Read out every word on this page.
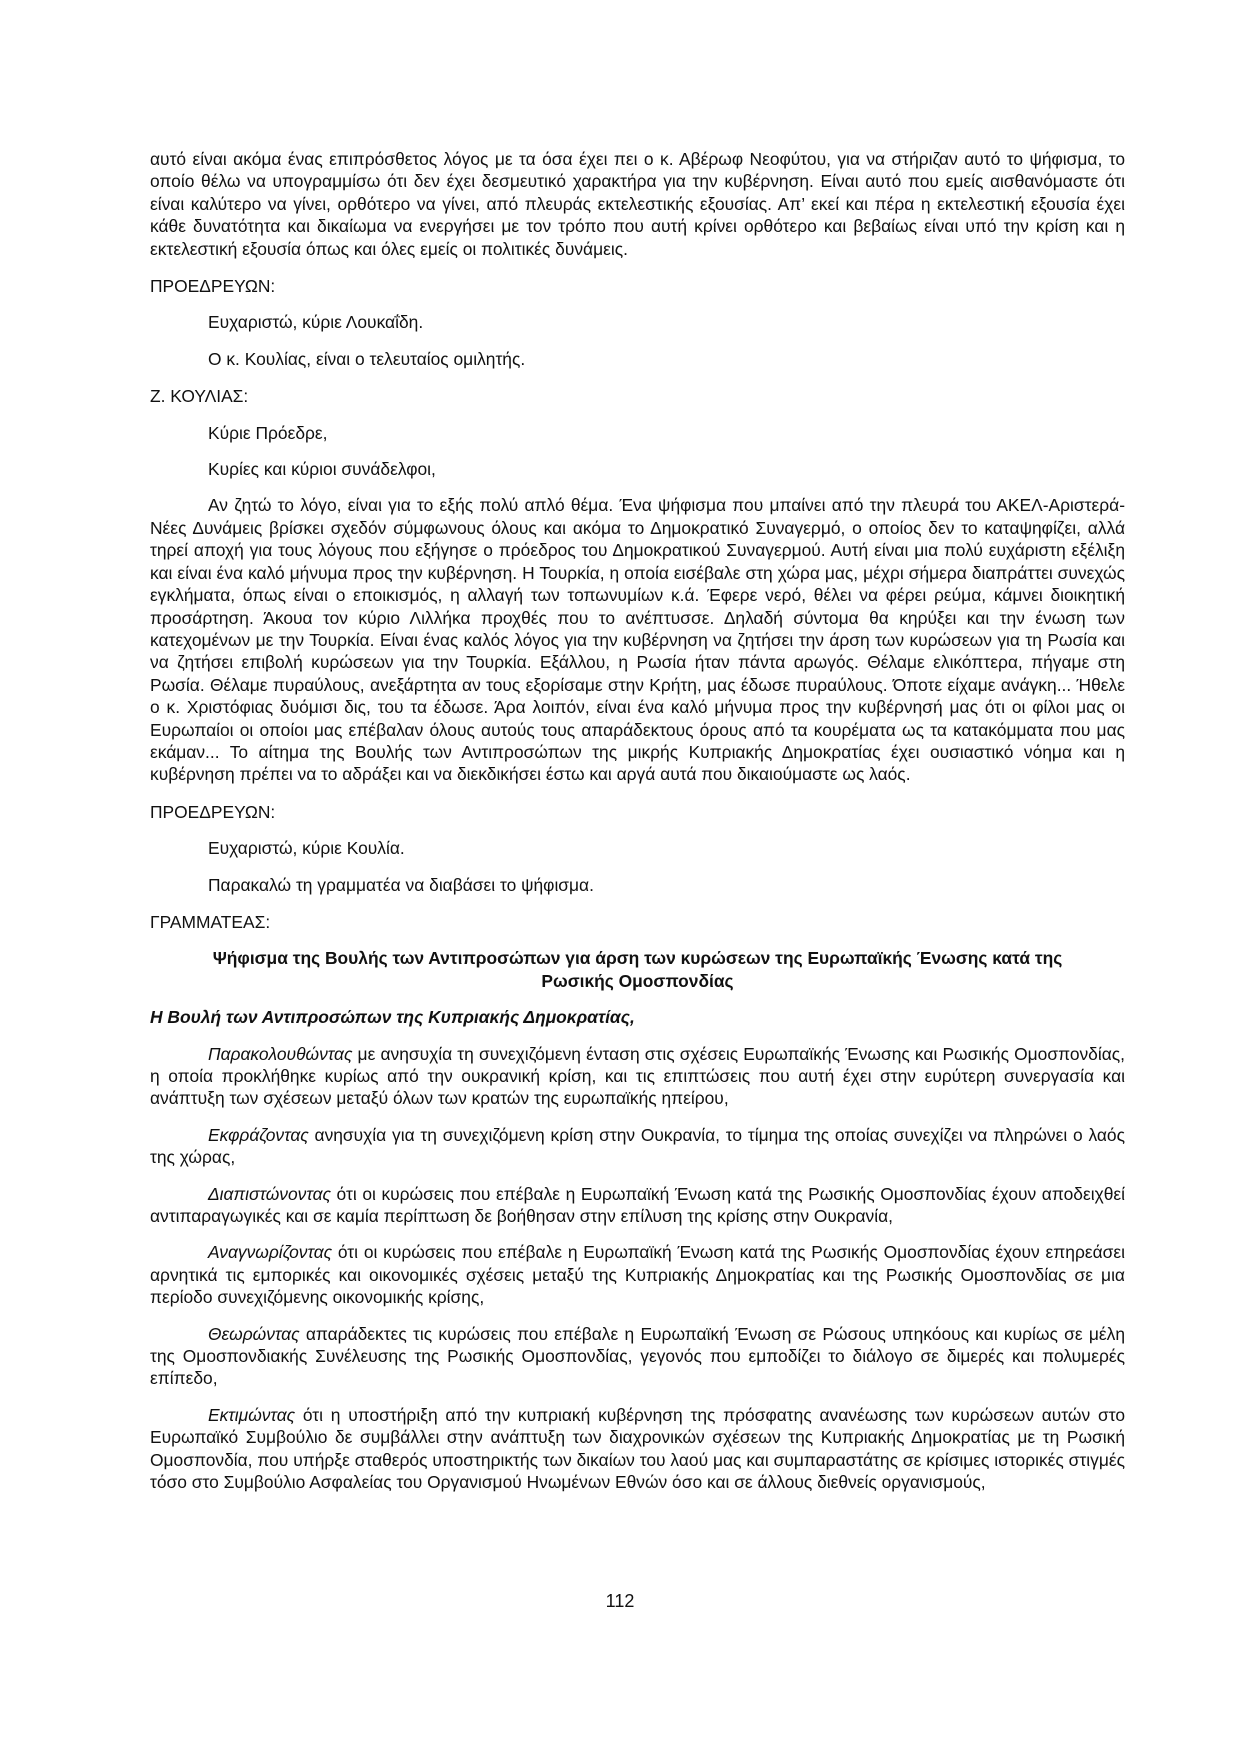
αυτό είναι ακόμα ένας επιπρόσθετος λόγος με τα όσα έχει πει ο κ. Αβέρωφ Νεοφύτου, για να στήριζαν αυτό το ψήφισμα, το οποίο θέλω να υπογραμμίσω ότι δεν έχει δεσμευτικό χαρακτήρα για την κυβέρνηση. Είναι αυτό που εμείς αισθανόμαστε ότι είναι καλύτερο να γίνει, ορθότερο να γίνει, από πλευράς εκτελεστικής εξουσίας. Απ’ εκεί και πέρα η εκτελεστική εξουσία έχει κάθε δυνατότητα και δικαίωμα να ενεργήσει με τον τρόπο που αυτή κρίνει ορθότερο και βεβαίως είναι υπό την κρίση και η εκτελεστική εξουσία όπως και όλες εμείς οι πολιτικές δυνάμεις.

ΠΡΟΕΔΡΕΥΩΝ:

Ευχαριστώ, κύριε Λουκαΐδη.

Ο κ. Κουλίας, είναι ο τελευταίος ομιλητής.

Ζ. ΚΟΥΛΙΑΣ:

Κύριε Πρόεδρε,

Κυρίες και κύριοι συνάδελφοι,

Αν ζητώ το λόγο, είναι για το εξής πολύ απλό θέμα. Ένα ψήφισμα που μπαίνει από την πλευρά του ΑΚΕΛ-Αριστερά-Νέες Δυνάμεις βρίσκει σχεδόν σύμφωνους όλους και ακόμα το Δημοκρατικό Συναγερμό, ο οποίος δεν το καταψηφίζει, αλλά τηρεί αποχή για τους λόγους που εξήγησε ο πρόεδρος του Δημοκρατικού Συναγερμού. Αυτή είναι μια πολύ ευχάριστη εξέλιξη και είναι ένα καλό μήνυμα προς την κυβέρνηση. Η Τουρκία, η οποία εισέβαλε στη χώρα μας, μέχρι σήμερα διαπράττει συνεχώς εγκλήματα, όπως είναι ο εποικισμός, η αλλαγή των τοπωνυμίων κ.ά. Έφερε νερό, θέλει να φέρει ρεύμα, κάμνει διοικητική προσάρτηση. Άκουα τον κύριο Λιλλήκα προχθές που το ανέπτυσσε. Δηλαδή σύντομα θα κηρύξει και την ένωση των κατεχομένων με την Τουρκία. Είναι ένας καλός λόγος για την κυβέρνηση να ζητήσει την άρση των κυρώσεων για τη Ρωσία και να ζητήσει επιβολή κυρώσεων για την Τουρκία. Εξάλλου, η Ρωσία ήταν πάντα αρωγός. Θέλαμε ελικόπτερα, πήγαμε στη Ρωσία. Θέλαμε πυραύλους, ανεξάρτητα αν τους εξορίσαμε στην Κρήτη, μας έδωσε πυραύλους. Όποτε είχαμε ανάγκη... Ήθελε ο κ. Χριστόφιας δυόμισι δις, του τα έδωσε. Άρα λοιπόν, είναι ένα καλό μήνυμα προς την κυβέρνησή μας ότι οι φίλοι μας οι Ευρωπαίοι οι οποίοι μας επέβαλαν όλους αυτούς τους απαράδεκτους όρους από τα κουρέματα ως τα κατακόμματα που μας εκάμαν... Το αίτημα της Βουλής των Αντιπροσώπων της μικρής Κυπριακής Δημοκρατίας έχει ουσιαστικό νόημα και η κυβέρνηση πρέπει να το αδράξει και να διεκδικήσει έστω και αργά αυτά που δικαιούμαστε ως λαός.

ΠΡΟΕΔΡΕΥΩΝ:

Ευχαριστώ, κύριε Κουλία.

Παρακαλώ τη γραμματέα να διαβάσει το ψήφισμα.

ΓΡΑΜΜΑΤΕΑΣ:

Ψήφισμα της Βουλής των Αντιπροσώπων για άρση των κυρώσεων της Ευρωπαϊκής Ένωσης κατά της
Ρωσικής Ομοσπονδίας

Η Βουλή των Αντιπροσώπων της Κυπριακής Δημοκρατίας,

Παρακολουθώντας με ανησυχία τη συνεχιζόμενη ένταση στις σχέσεις Ευρωπαϊκής Ένωσης και Ρωσικής Ομοσπονδίας, η οποία προκλήθηκε κυρίως από την ουκρανική κρίση, και τις επιπτώσεις που αυτή έχει στην ευρύτερη συνεργασία και ανάπτυξη των σχέσεων μεταξύ όλων των κρατών της ευρωπαϊκής ηπείρου,

Εκφράζοντας ανησυχία για τη συνεχιζόμενη κρίση στην Ουκρανία, το τίμημα της οποίας συνεχίζει να πληρώνει ο λαός της χώρας,

Διαπιστώνοντας ότι οι κυρώσεις που επέβαλε η Ευρωπαϊκή Ένωση κατά της Ρωσικής Ομοσπονδίας έχουν αποδειχθεί αντιπαραγωγικές και σε καμία περίπτωση δε βοήθησαν στην επίλυση της κρίσης στην Ουκρανία,

Αναγνωρίζοντας ότι οι κυρώσεις που επέβαλε η Ευρωπαϊκή Ένωση κατά της Ρωσικής Ομοσπονδίας έχουν επηρεάσει αρνητικά τις εμπορικές και οικονομικές σχέσεις μεταξύ της Κυπριακής Δημοκρατίας και της Ρωσικής Ομοσπονδίας σε μια περίοδο συνεχιζόμενης οικονομικής κρίσης,

Θεωρώντας απαράδεκτες τις κυρώσεις που επέβαλε η Ευρωπαϊκή Ένωση σε Ρώσους υπηκόους και κυρίως σε μέλη της Ομοσπονδιακής Συνέλευσης της Ρωσικής Ομοσπονδίας, γεγονός που εμποδίζει το διάλογο σε διμερές και πολυμερές επίπεδο,

Εκτιμώντας ότι η υποστήριξη από την κυπριακή κυβέρνηση της πρόσφατης ανανέωσης των κυρώσεων αυτών στο Ευρωπαϊκό Συμβούλιο δε συμβάλλει στην ανάπτυξη των διαχρονικών σχέσεων της Κυπριακής Δημοκρατίας με τη Ρωσική Ομοσπονδία, που υπήρξε σταθερός υποστηρικτής των δικαίων του λαού μας και συμπαραστάτης σε κρίσιμες ιστορικές στιγμές τόσο στο Συμβούλιο Ασφαλείας του Οργανισμού Ηνωμένων Εθνών όσο και σε άλλους διεθνείς οργανισμούς,

112
